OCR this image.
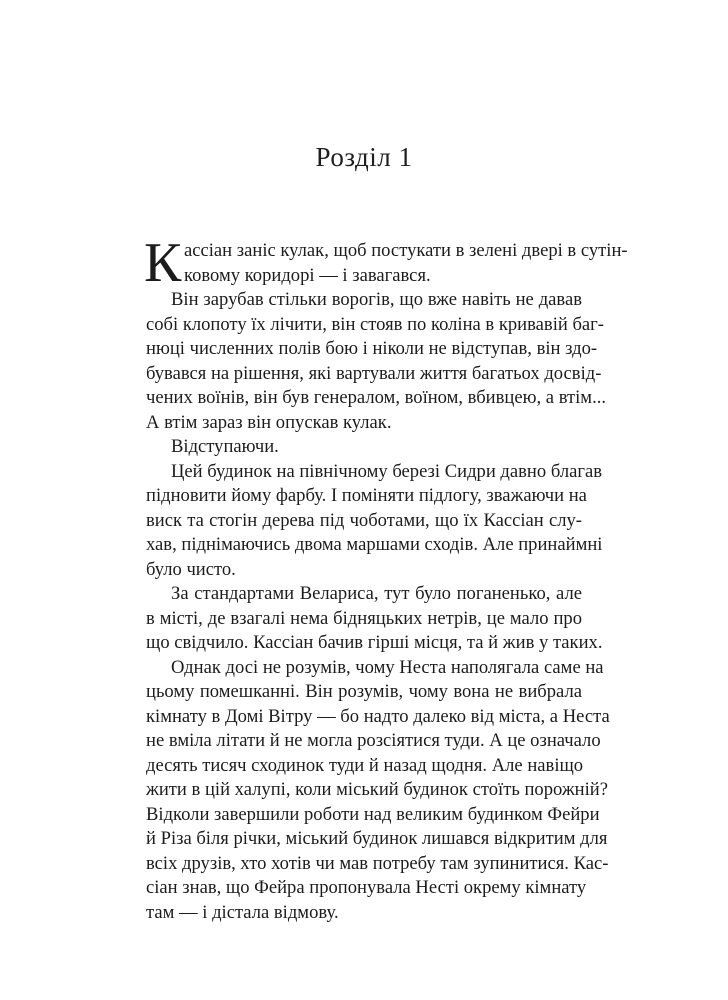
Розділ 1
К ассіан заніс кулак, щоб постукати в зелені двері в сутін-
ковому коридорі — і завагався.
Він зарубав стільки ворогів, що вже навіть не давав
собі клопоту їх лічити, він стояв по коліна в кривавій баг-
нюці численних полів бою і ніколи не відступав, він здо-
бувався на рішення, які вартували життя багатьох досвід-
чених воїнів, він був генералом, воїном, вбивцею, а втім...
А втім зараз він опускав кулак.
Відступаючи.
Цей будинок на північному березі Сидри давно благав
підновити йому фарбу. І поміняти підлогу, зважаючи на
виск та стогін дерева під чоботами, що їх Кассіан слу-
хав, піднімаючись двома маршами сходів. Але принаймні
було чисто.
За стандартами Велариса, тут було поганенько, але
в місті, де взагалі нема бідняцьких нетрів, це мало про
що свідчило. Кассіан бачив гірші місця, та й жив у таких.
Однак досі не розумів, чому Неста наполягала саме на
цьому помешканні. Він розумів, чому вона не вибрала
кімнату в Домі Вітру — бо надто далеко від міста, а Неста
не вміла літати й не могла розсіятися туди. А це означало
десять тисяч сходинок туди й назад щодня. Але навіщо
жити в цій халупі, коли міський будинок стоїть порожній?
Відколи завершили роботи над великим будинком Фейри
й Різа біля річки, міський будинок лишався відкритим для
всіх друзів, хто хотів чи мав потребу там зупинитися. Кас-
сіан знав, що Фейра пропонувала Несті окрему кімнату
там — і дістала відмову.
